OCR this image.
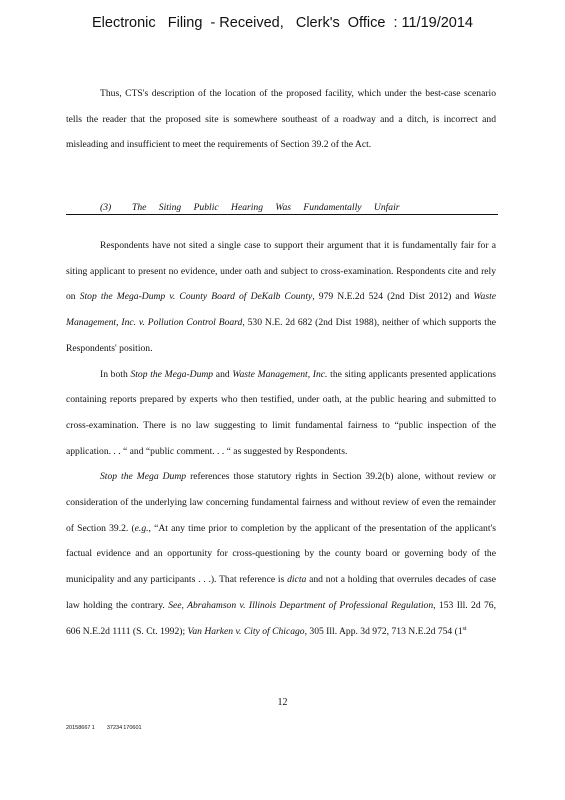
Electronic   Filing  - Received,   Clerk's  Office  : 11/19/2014

Thus, CTS's description of the location of the proposed facility, which under the best-case scenario tells the reader that the proposed site is somewhere southeast of a roadway and a ditch, is incorrect and misleading and insufficient to meet the requirements of Section 39.2 of the Act.

(3) The Siting Public Hearing Was Fundamentally Unfair

Respondents have not sited a single case to support their argument that it is fundamentally fair for a siting applicant to present no evidence, under oath and subject to cross-examination. Respondents cite and rely on Stop the Mega-Dump v. County Board of DeKalb County, 979 N.E.2d 524 (2nd Dist 2012) and Waste Management, Inc. v. Pollution Control Board, 530 N.E. 2d 682 (2nd Dist 1988), neither of which supports the Respondents' position.

In both Stop the Mega-Dump and Waste Management, Inc. the siting applicants presented applications containing reports prepared by experts who then testified, under oath, at the public hearing and submitted to cross-examination. There is no law suggesting to limit fundamental fairness to “public inspection of the application. . . “ and “public comment. . . “ as suggested by Respondents.

Stop the Mega Dump references those statutory rights in Section 39.2(b) alone, without review or consideration of the underlying law concerning fundamental fairness and without review of even the remainder of Section 39.2. (e.g., “At any time prior to completion by the applicant of the presentation of the applicant's factual evidence and an opportunity for cross-questioning by the county board or governing body of the municipality and any participants . . .). That reference is dicta and not a holding that overrules decades of case law holding the contrary. See, Abrahamson v. Illinois Department of Professional Regulation, 153 Ill. 2d 76, 606 N.E.2d 1111 (S. Ct. 1992); Van Harken v. City of Chicago, 305 Ill. App. 3d 972, 713 N.E.2d 754 (1st

12
20158667 1        37234 170601
